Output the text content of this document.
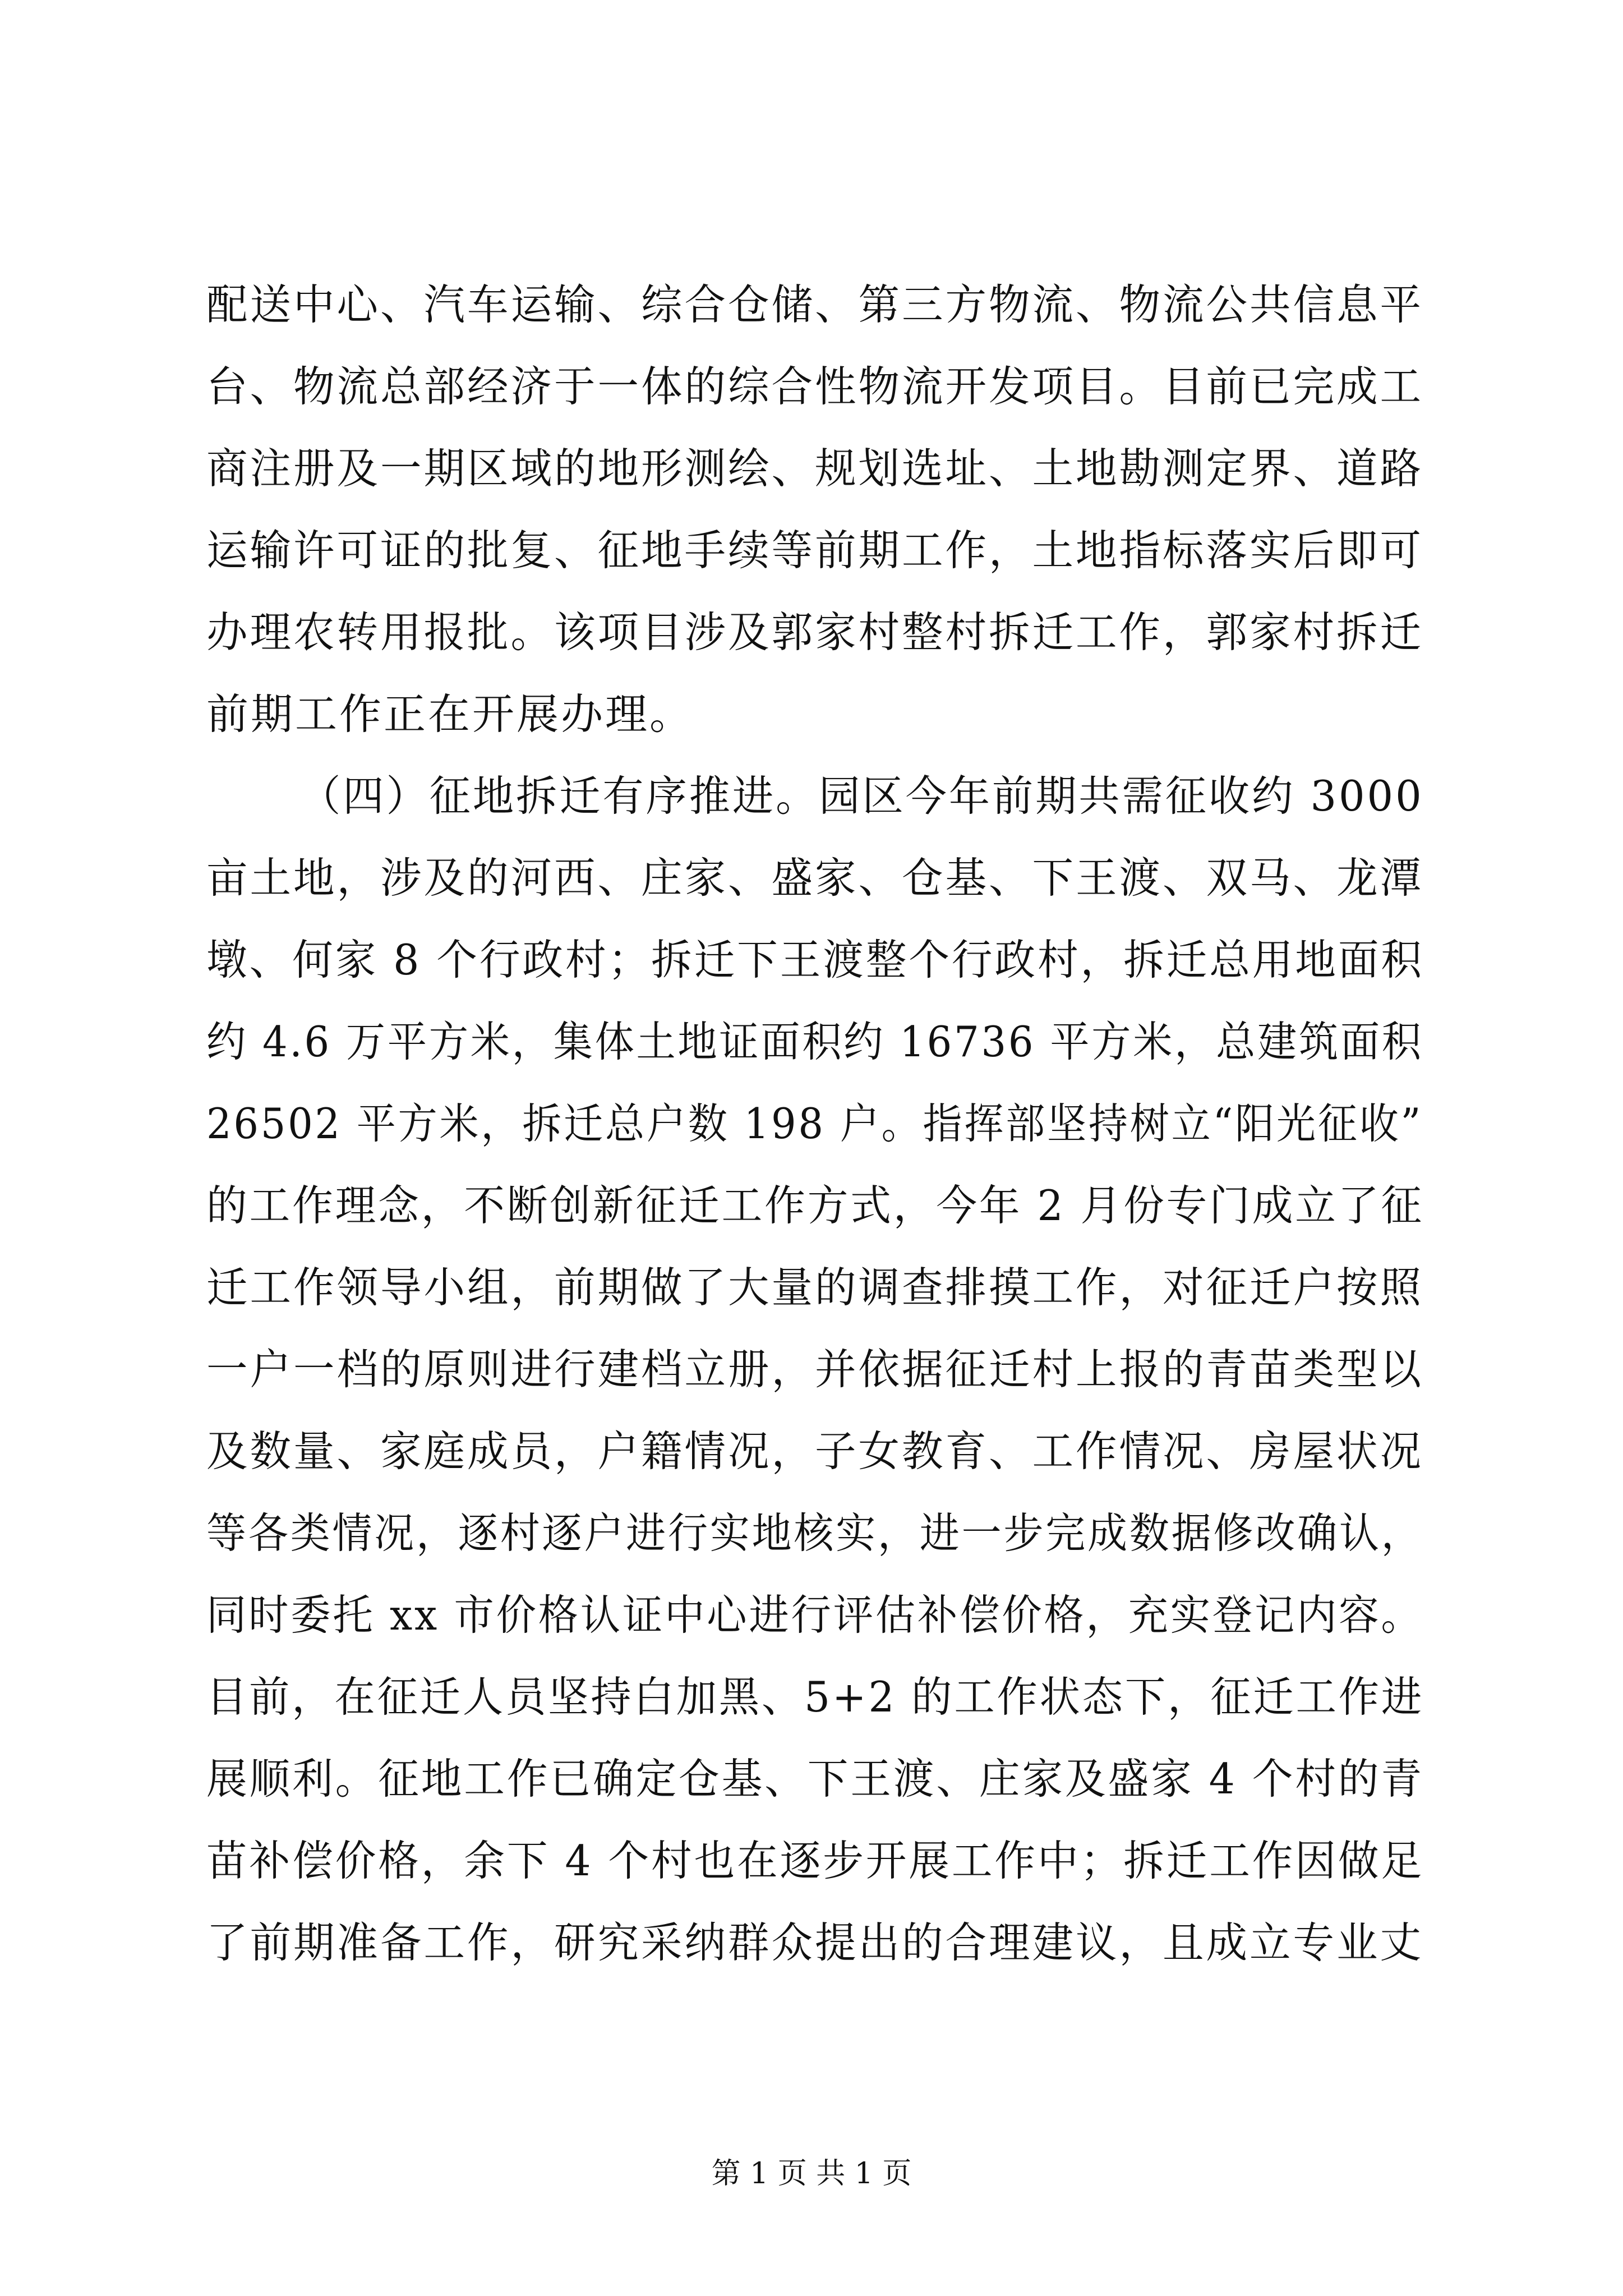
配送中心、汽车运输、综合仓储、第三方物流、物流公共信息平
台、物流总部经济于一体的综合性物流开发项目。目前已完成工
商注册及一期区域的地形测绘、规划选址、土地勘测定界、道路
运输许可证的批复、征地手续等前期工作，土地指标落实后即可
办理农转用报批。该项目涉及郭家村整村拆迁工作，郭家村拆迁
前期工作正在开展办理。
（四）征地拆迁有序推进。园区今年前期共需征收约 3000
亩土地，涉及的河西、庄家、盛家、仓基、下王渡、双马、龙潭
墩、何家 8 个行政村；拆迁下王渡整个行政村，拆迁总用地面积
约 4.6 万平方米，集体土地证面积约 16736 平方米，总建筑面积
26502 平方米，拆迁总户数 198 户。指挥部坚持树立“阳光征收”
的工作理念，不断创新征迁工作方式，今年 2 月份专门成立了征
迁工作领导小组，前期做了大量的调查排摸工作，对征迁户按照
一户一档的原则进行建档立册，并依据征迁村上报的青苗类型以
及数量、家庭成员，户籍情况，子女教育、工作情况、房屋状况
等各类情况，逐村逐户进行实地核实，进一步完成数据修改确认，
同时委托 xx 市价格认证中心进行评估补偿价格，充实登记内容。
目前，在征迁人员坚持白加黑、5+2 的工作状态下，征迁工作进
展顺利。征地工作已确定仓基、下王渡、庄家及盛家 4 个村的青
苗补偿价格，余下 4 个村也在逐步开展工作中；拆迁工作因做足
了前期准备工作，研究采纳群众提出的合理建议，且成立专业丈
第 1 页 共 1 页
